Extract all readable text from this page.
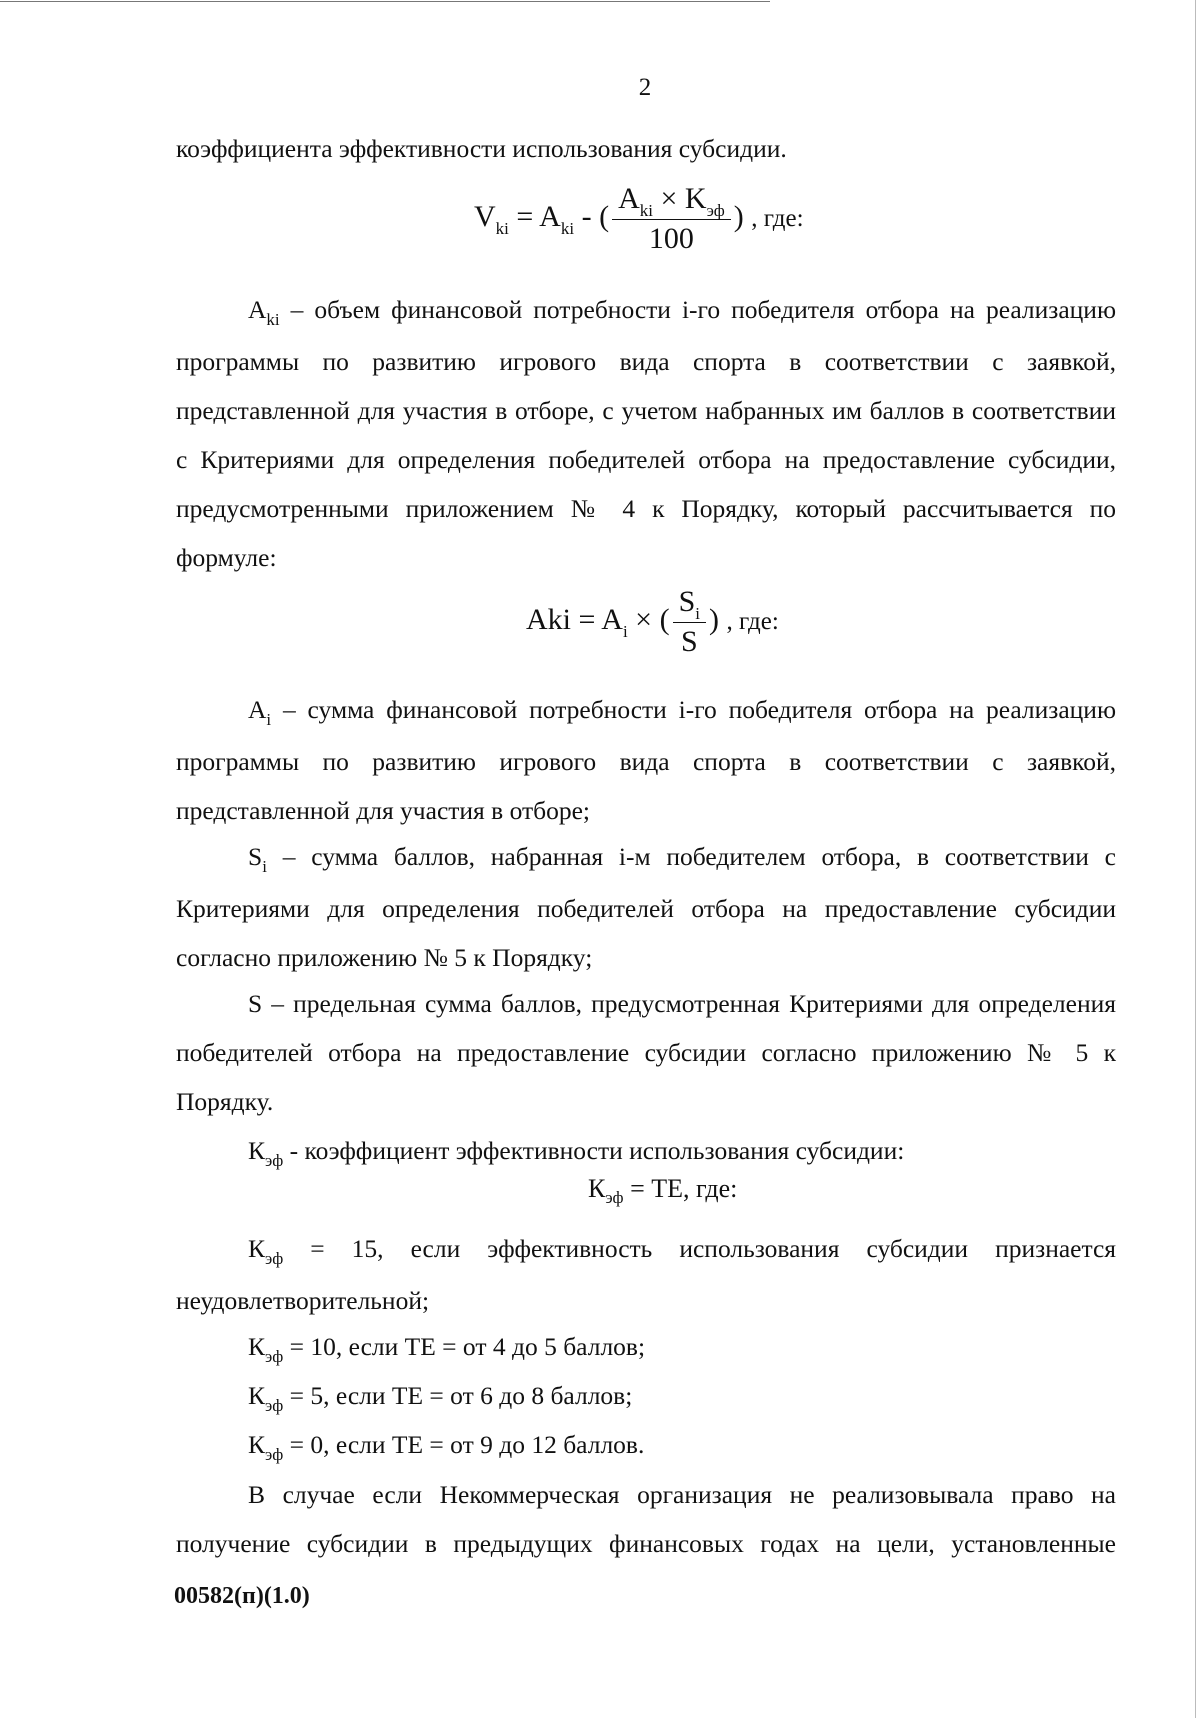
2

коэффициента эффективности использования субсидии.

$V_{ki} = A_{ki}$ - ( $\frac{A_{ki} \times K_{эф}}{100}$ ) , где:

$A_{ki}$ – объем финансовой потребности i-го победителя отбора на реализацию программы по развитию игрового вида спорта в соответствии с заявкой, представленной для участия в отборе, с учетом набранных им баллов в соответствии с Критериями для определения победителей отбора на предоставление субсидии, предусмотренными приложением № 4 к Порядку, который рассчитывается по формуле:

Aki = $A_i$ × ( $\frac{S_i}{S}$ ) , где:

$A_i$ – сумма финансовой потребности i-го победителя отбора на реализацию программы по развитию игрового вида спорта в соответствии с заявкой, представленной для участия в отборе;

$S_i$ – сумма баллов, набранная i-м победителем отбора, в соответствии с Критериями для определения победителей отбора на предоставление субсидии согласно приложению № 5 к Порядку;

S – предельная сумма баллов, предусмотренная Критериями для определения победителей отбора на предоставление субсидии согласно приложению № 5 к Порядку.

$К_{эф}$ - коэффициент эффективности использования субсидии:

$К_{эф}$ = ТЕ, где:

$К_{эф} = 15$, если эффективность использования субсидии признается неудовлетворительной;

$К_{эф} = 10$, если ТЕ = от 4 до 5 баллов;

$К_{эф} = 5$, если ТЕ = от 6 до 8 баллов;

$К_{эф} = 0$, если ТЕ = от 9 до 12 баллов.

В случае если Некоммерческая организация не реализовывала право на получение субсидии в предыдущих финансовых годах на цели, установленные

00582(п)(1.0)
